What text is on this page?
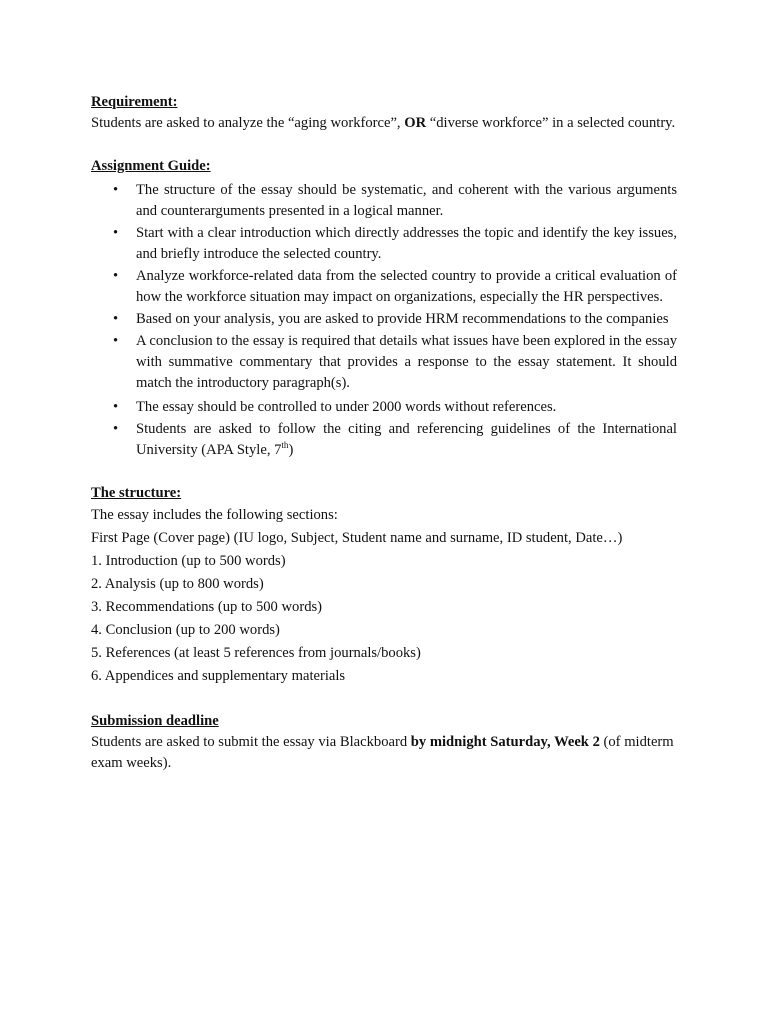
Requirement:

Students are asked to analyze the “aging workforce”, OR “diverse workforce” in a selected country.

Assignment Guide:

• The structure of the essay should be systematic, and coherent with the various arguments and counterarguments presented in a logical manner.
• Start with a clear introduction which directly addresses the topic and identify the key issues, and briefly introduce the selected country.
• Analyze workforce-related data from the selected country to provide a critical evaluation of how the workforce situation may impact on organizations, especially the HR perspectives.
• Based on your analysis, you are asked to provide HRM recommendations to the companies
• A conclusion to the essay is required that details what issues have been explored in the essay with summative commentary that provides a response to the essay statement. It should match the introductory paragraph(s).
• The essay should be controlled to under 2000 words without references.
• Students are asked to follow the citing and referencing guidelines of the International University (APA Style, 7th)

The structure:

The essay includes the following sections:

First Page (Cover page) (IU logo, Subject, Student name and surname, ID student, Date…)

1. Introduction (up to 500 words)

2. Analysis (up to 800 words)

3. Recommendations (up to 500 words)

4. Conclusion (up to 200 words)

5. References (at least 5 references from journals/books)

6. Appendices and supplementary materials

Submission deadline

Students are asked to submit the essay via Blackboard by midnight Saturday, Week 2 (of midterm exam weeks).
